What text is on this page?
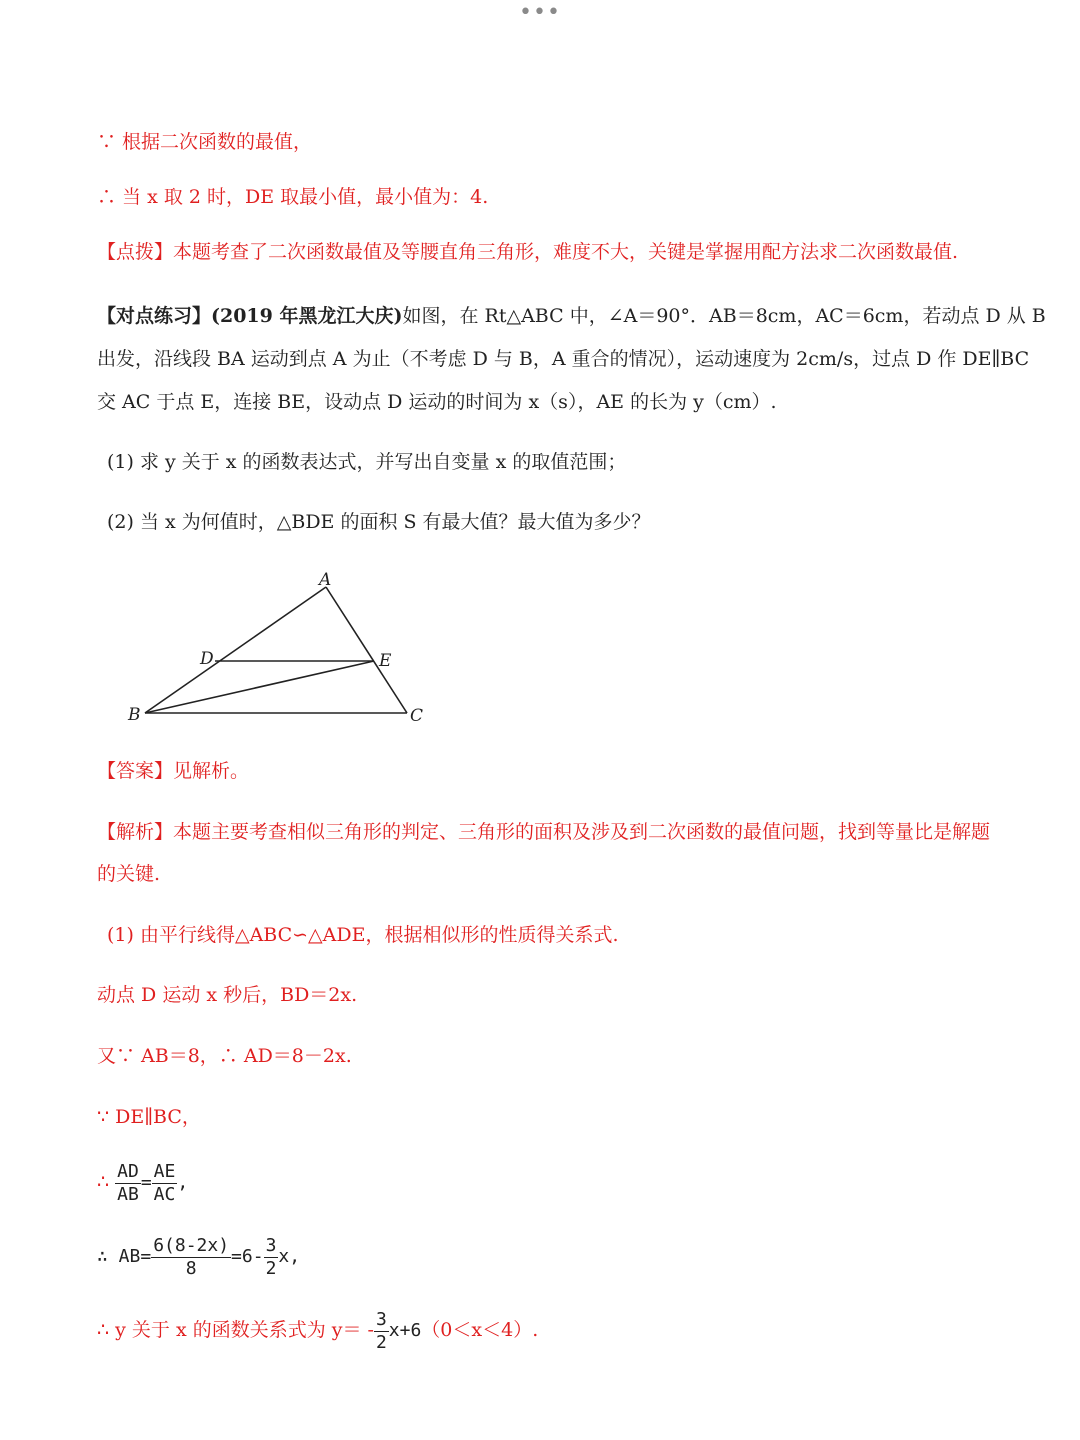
•••
∵ 根据二次函数的最值，
∴ 当 x 取 2 时，DE 取最小值，最小值为：4.
【点拨】本题考查了二次函数最值及等腰直角三角形，难度不大，关键是掌握用配方法求二次函数最值.
【对点练习】(2019 年黑龙江大庆)如图，在 Rt△ABC 中，∠A＝90°．AB＝8cm，AC＝6cm，若动点 D 从 B
出发，沿线段 BA 运动到点 A 为止（不考虑 D 与 B，A 重合的情况），运动速度为 2cm/s，过点 D 作 DE∥BC
交 AC 于点 E，连接 BE，设动点 D 运动的时间为 x（s），AE 的长为 y（cm）.
(1) 求 y 关于 x 的函数表达式，并写出自变量 x 的取值范围；
(2) 当 x 为何值时，△BDE 的面积 S 有最大值？最大值为多少？
A
B	C
D	E
【答案】见解析。
【解析】本题主要考查相似三角形的判定、三角形的面积及涉及到二次函数的最值问题，找到等量比是解题
的关键.
(1) 由平行线得△ABC∽△ADE，根据相似形的性质得关系式.
动点 D 运动 x 秒后，BD＝2x.
又∵ AB＝8，∴ AD＝8－2x.
∵ DE∥BC，
∴ $\frac{AD}{AB} = \frac{AE}{AC}$ ,
∴ $AB= \frac{6(8-2x)}{8} =6- \frac{3}{2} x$,
∴ y 关于 x 的函数关系式为 $y= - \frac{3}{2} x+6(0<x<4)$.
